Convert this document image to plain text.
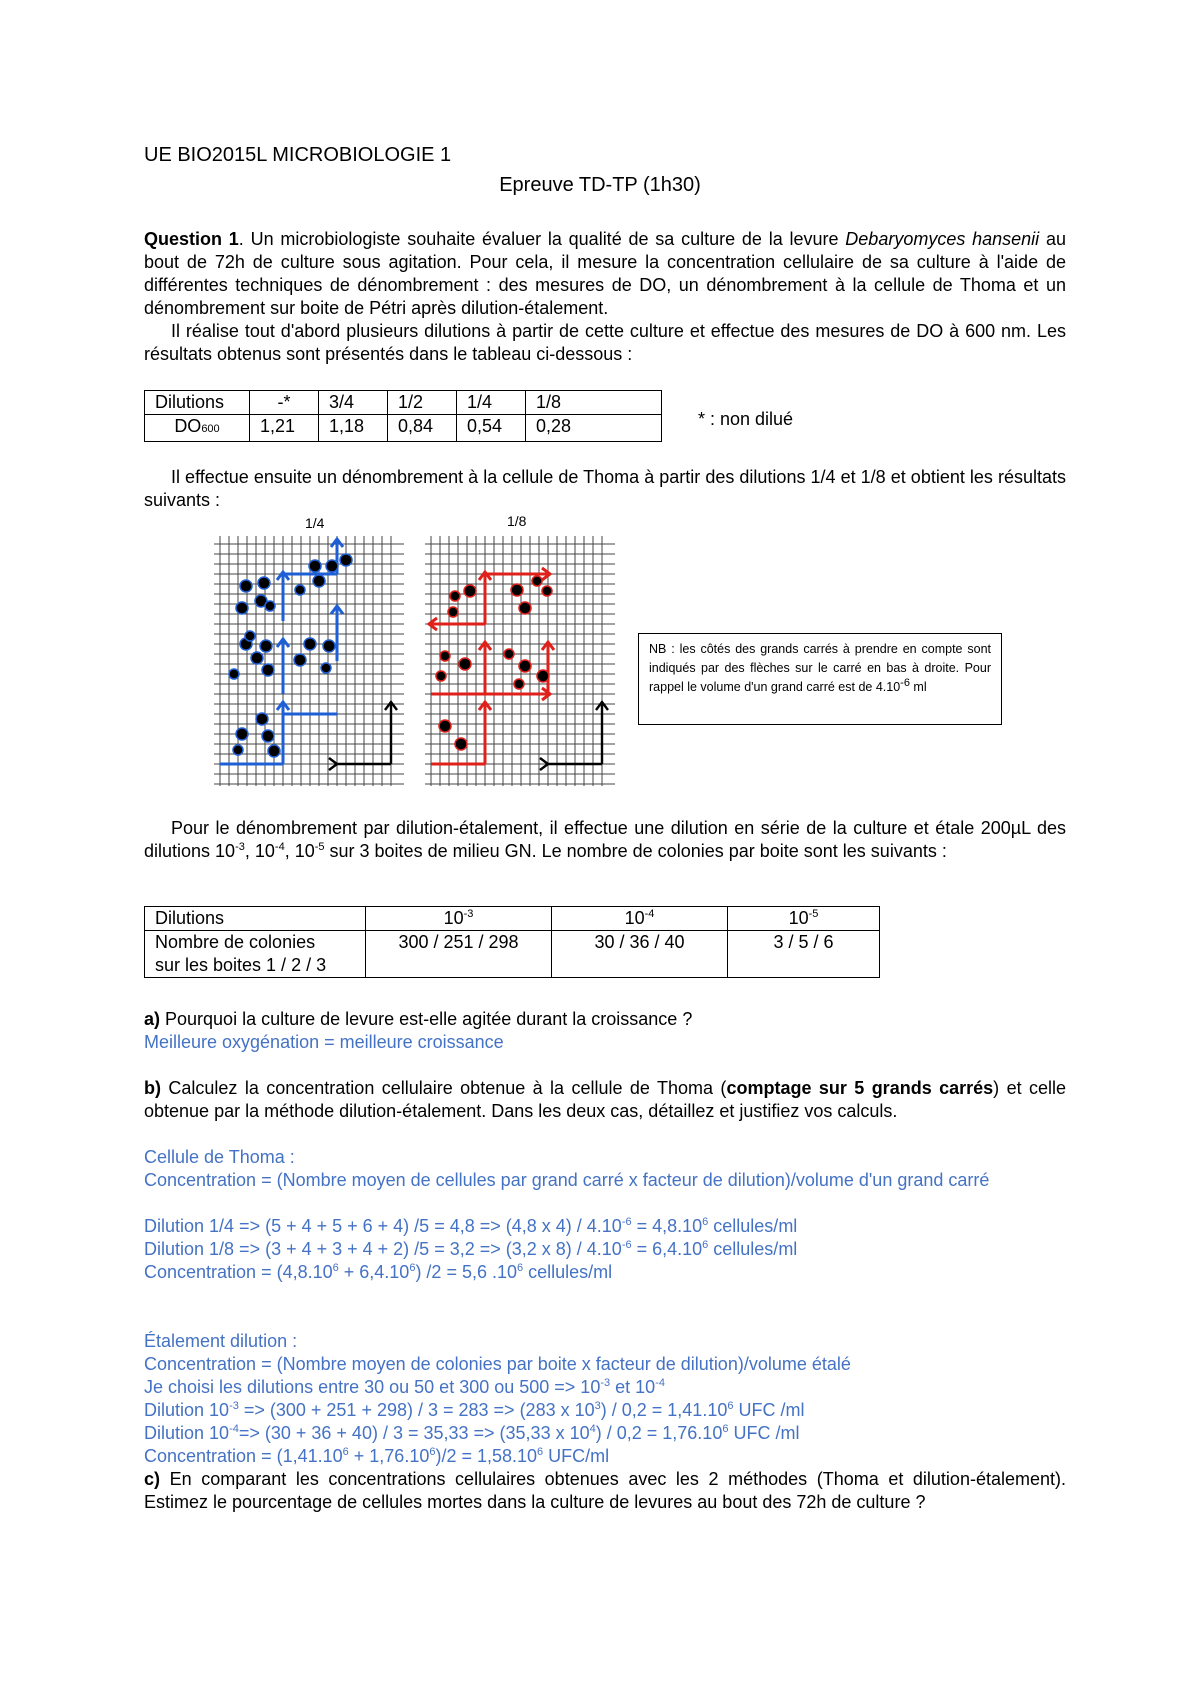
UE BIO2015L MICROBIOLOGIE 1
Epreuve TD-TP (1h30)
Question 1. Un microbiologiste souhaite évaluer la qualité de sa culture de la levure Debaryomyces hansenii au bout de 72h de culture sous agitation. Pour cela, il mesure la concentration cellulaire de sa culture à l'aide de différentes techniques de dénombrement : des mesures de DO, un dénombrement à la cellule de Thoma et un dénombrement sur boite de Pétri après dilution-étalement.
Il réalise tout d'abord plusieurs dilutions à partir de cette culture et effectue des mesures de DO à 600 nm. Les résultats obtenus sont présentés dans le tableau ci-dessous :
Dilutions	-*	3/4	1/2	1/4	1/8
DO600	1,21	1,18	0,84	0,54	0,28	* : non dilué
Il effectue ensuite un dénombrement à la cellule de Thoma à partir des dilutions 1/4 et 1/8 et obtient les résultats suivants :
1/4	1/8
NB : les côtés des grands carrés à prendre en compte sont indiqués par des flèches sur le carré en bas à droite. Pour rappel le volume d'un grand carré est de $4.10^{-6}$ ml
Pour le dénombrement par dilution-étalement, il effectue une dilution en série de la culture et étale 200µL des dilutions $10^{-3}$, $10^{-4}$, $10^{-5}$ sur 3 boites de milieu GN. Le nombre de colonies par boite sont les suivants :
Dilutions	$10^{-3}$	$10^{-4}$	$10^{-5}$
Nombre de colonies
sur les boites 1 / 2 / 3	300 / 251 / 298	30 / 36 / 40	3 / 5 / 6
a) Pourquoi la culture de levure est-elle agitée durant la croissance ?
Meilleure oxygénation = meilleure croissance
b) Calculez la concentration cellulaire obtenue à la cellule de Thoma (comptage sur 5 grands carrés) et celle obtenue par la méthode dilution-étalement. Dans les deux cas, détaillez et justifiez vos calculs.
Cellule de Thoma :
Concentration = (Nombre moyen de cellules par grand carré x facteur de dilution)/volume d'un grand carré
Dilution 1/4 => (5 + 4 + 5 + 6 + 4) /5 = 4,8 => (4,8 x $4) / 4.10^{-6} = 4,8.10^6$ cellules/ml
Dilution 1/8 => (3 + 4 + 3 + 4 + 2) /5 = 3,2 => (3,2 x $8) / 4.10^{-6} = 6,4.10^6$ cellules/ml
Concentration = $(4,8.10^6 + 6,4.10^6) /2 = 5,6$ $.10^6$ cellules/ml
Étalement dilution :
Concentration = (Nombre moyen de colonies par boite x facteur de dilution)/volume étalé
Je choisi les dilutions entre 30 ou 50 et 300 ou $500 => 10^{-3}$ et $10^{-4}$
Dilution $10^{-3} => (300 + 251 + 298) / 3 = 283 => (283$ x $10^3) / 0,2 = 1,41.10^6$ UFC /ml
Dilution $10^{-4}=> (30 + 36 + 40) / 3 = 35,33 => (35,33$ x $10^4) / 0,2 = 1,76.10^6$ UFC /ml
Concentration = $(1,41.10^6 + 1,76.10^6)/2 = 1,58.10^6$ UFC/ml
c) En comparant les concentrations cellulaires obtenues avec les 2 méthodes (Thoma et dilution-étalement). Estimez le pourcentage de cellules mortes dans la culture de levures au bout des 72h de culture ?
